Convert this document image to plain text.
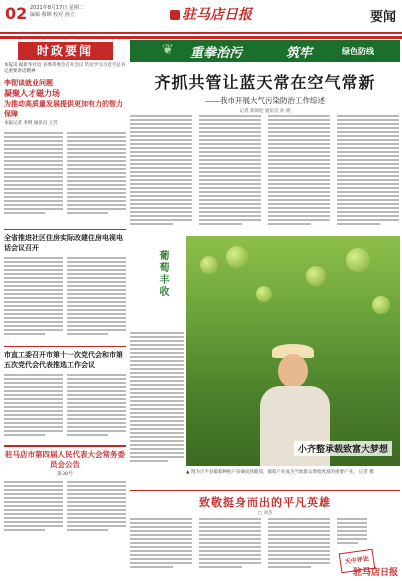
02 2021年8月17日 星期二
编辑 蔡锦 校对 孙立	驻马店日报	要闻
时政要闻
本报讯 据新华社电 省委常委会召开会议 传达学习习近平总书记重要讲话精神
李彻谈就业问题
凝聚人才磁力场
为推动高质量发展提供更加有力的智力保障
本报记者 李明 通讯员 王芳
全省推进社区住房实际改建住房电视电话会议召开
市直工委召开市第十一次党代会和市第五次党代会代表推选工作会议
驻马店市第四届人民代表大会常务委员会公告
第30号
❦ 重拳治污	筑牢	绿色防线
齐抓共管让蓝天常在空气常新
——我市开展大气污染防治工作综述
记者 蔡锦迎 通讯员 孙 晓
葡萄丰收
小齐整承载致富大梦想
▲ 图为正平县葡萄种植户采摘成熟葡萄，葡萄产业成为当地群众增收致富的重要产业。 记者 摄
致敬挺身而出的平凡英雄
□ 刘杰
天中评论
驻马店日报
